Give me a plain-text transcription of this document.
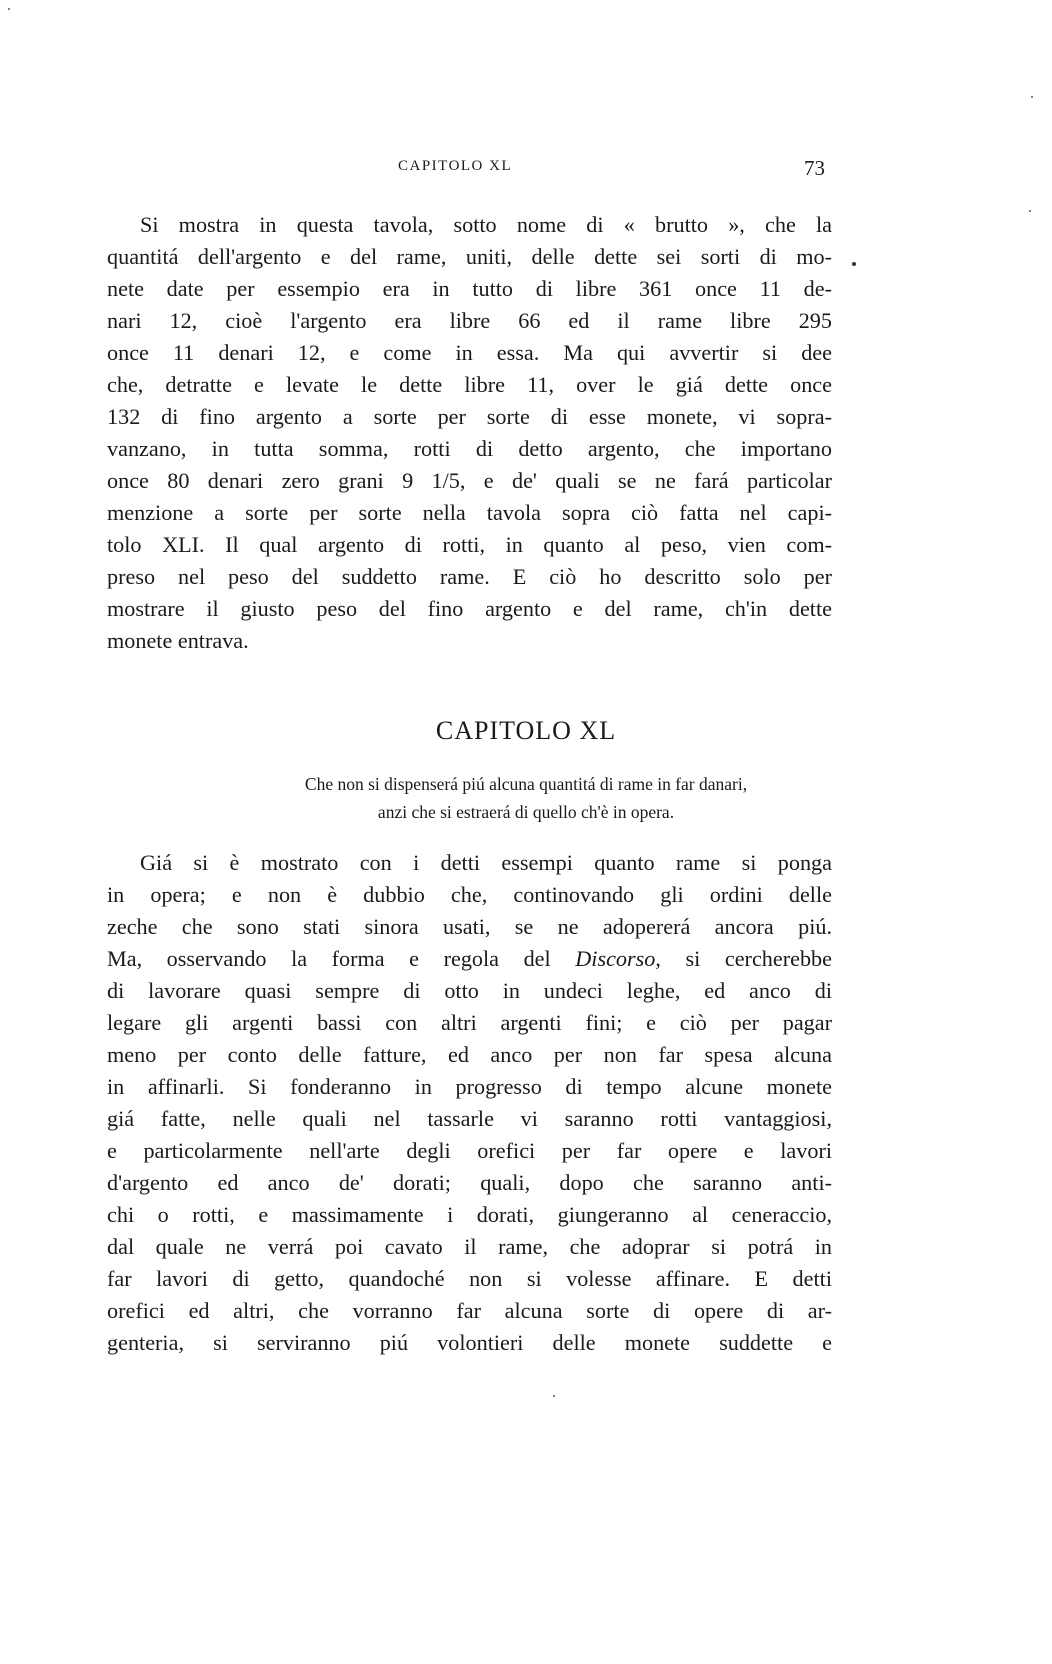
CAPITOLO XL	73

Si mostra in questa tavola, sotto nome di « brutto », che la
quantitá dell'argento e del rame, uniti, delle dette sei sorti di mo-
nete date per essempio era in tutto di libre 361 once 11 de-
nari 12, cioè l'argento era libre 66 ed il rame libre 295
once 11 denari 12, e come in essa. Ma qui avvertir si dee
che, detratte e levate le dette libre 11, over le giá dette once
132 di fino argento a sorte per sorte di esse monete, vi sopra-
vanzano, in tutta somma, rotti di detto argento, che importano
once 80 denari zero grani 9 1/5, e de' quali se ne fará particolar
menzione a sorte per sorte nella tavola sopra ciò fatta nel capi-
tolo XLI. Il qual argento di rotti, in quanto al peso, vien com-
preso nel peso del suddetto rame. E ciò ho descritto solo per
mostrare il giusto peso del fino argento e del rame, ch'in dette
monete entrava.

CAPITOLO XL
Che non si dispenserá piú alcuna quantitá di rame in far danari,
anzi che si estraerá di quello ch'è in opera.

Giá si è mostrato con i detti essempi quanto rame si ponga
in opera; e non è dubbio che, continovando gli ordini delle
zeche che sono stati sinora usati, se ne adopererá ancora piú.
Ma, osservando la forma e regola del Discorso, si cercherebbe
di lavorare quasi sempre di otto in undeci leghe, ed anco di
legare gli argenti bassi con altri argenti fini; e ciò per pagar
meno per conto delle fatture, ed anco per non far spesa alcuna
in affinarli. Si fonderanno in progresso di tempo alcune monete
giá fatte, nelle quali nel tassarle vi saranno rotti vantaggiosi,
e particolarmente nell'arte degli orefici per far opere e lavori
d'argento ed anco de' dorati; quali, dopo che saranno anti-
chi o rotti, e massimamente i dorati, giungeranno al ceneraccio,
dal quale ne verrá poi cavato il rame, che adoprar si potrá in
far lavori di getto, quandoché non si volesse affinare. E detti
orefici ed altri, che vorranno far alcuna sorte di opere di ar-
genteria, si serviranno piú volontieri delle monete suddette e
